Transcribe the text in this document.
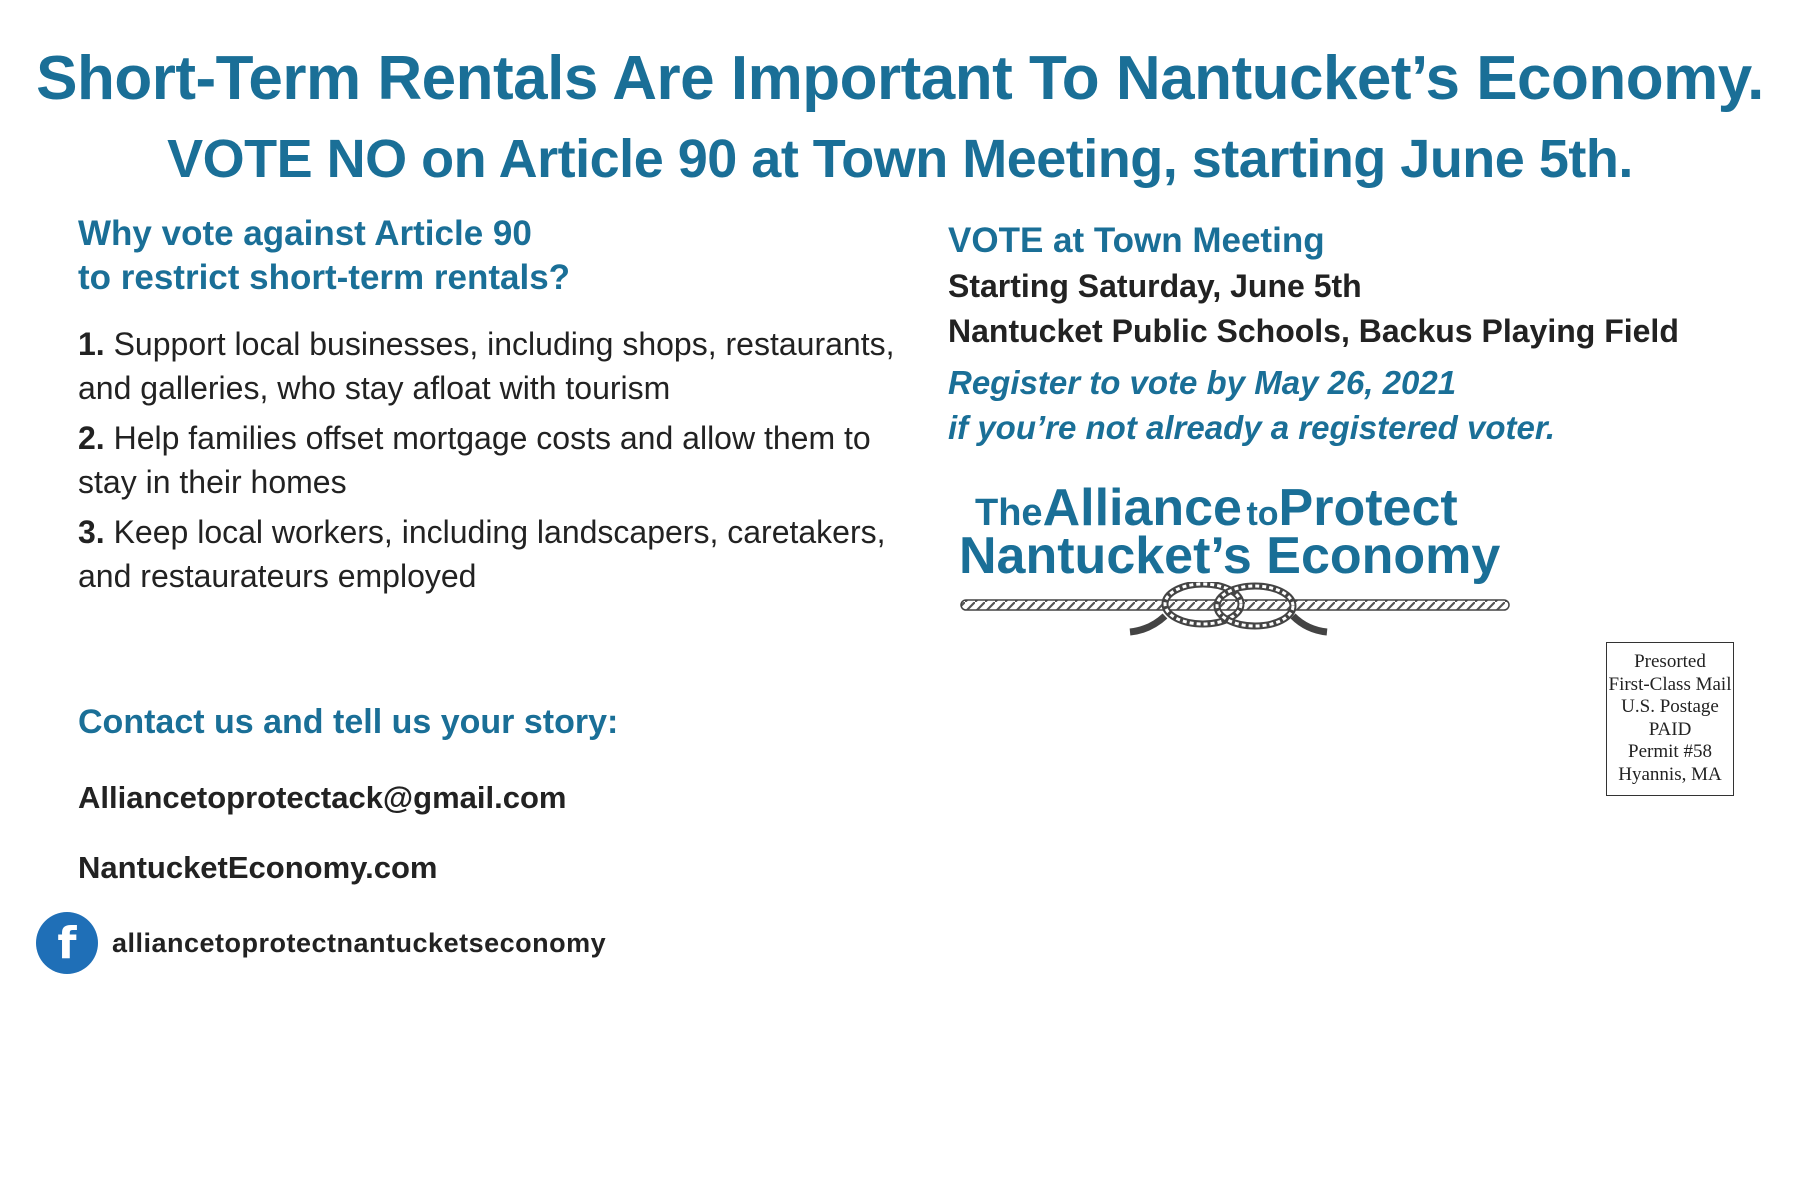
Short-Term Rentals Are Important To Nantucket’s Economy.
VOTE NO on Article 90 at Town Meeting, starting June 5th.
Why vote against Article 90
to restrict short-term rentals?
1. Support local businesses, including shops, restaurants, and galleries, who stay afloat with tourism
2. Help families offset mortgage costs and allow them to stay in their homes
3. Keep local workers, including landscapers, caretakers, and restaurateurs employed
Contact us and tell us your story:
Alliancetoprotectack@gmail.com
NantucketEconomy.com
f	alliancetoprotectnantucketseconomy
VOTE at Town Meeting
Starting Saturday, June 5th
Nantucket Public Schools, Backus Playing Field
Register to vote by May 26, 2021
if you’re not already a registered voter.
TheAlliance toProtect
Nantucket’s Economy
Presorted
First-Class Mail
U.S. Postage
PAID
Permit #58
Hyannis, MA
